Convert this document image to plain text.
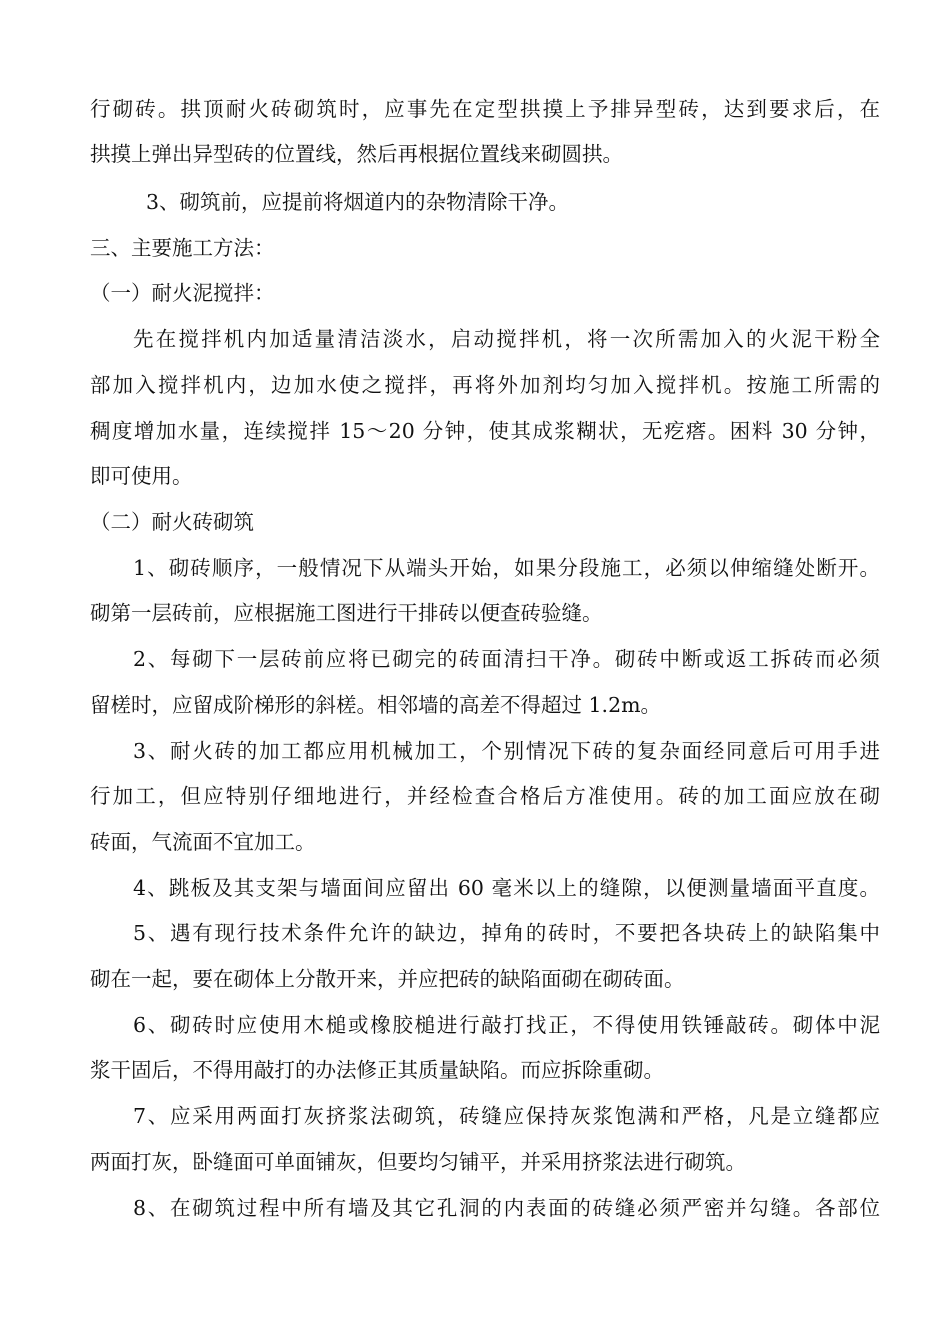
行砌砖。拱顶耐火砖砌筑时，应事先在定型拱摸上予排异型砖，达到要求后，在
拱摸上弹出异型砖的位置线，然后再根据位置线来砌圆拱。
3、砌筑前，应提前将烟道内的杂物清除干净。
三、主要施工方法：
（一）耐火泥搅拌：
先在搅拌机内加适量清洁淡水，启动搅拌机，将一次所需加入的火泥干粉全
部加入搅拌机内，边加水使之搅拌，再将外加剂均匀加入搅拌机。按施工所需的
稠度增加水量，连续搅拌 15～20 分钟，使其成浆糊状，无疙瘩。困料 30 分钟，
即可使用。
（二）耐火砖砌筑
1、砌砖顺序，一般情况下从端头开始，如果分段施工，必须以伸缩缝处断开。
砌第一层砖前，应根据施工图进行干排砖以便查砖验缝。
2、每砌下一层砖前应将已砌完的砖面清扫干净。砌砖中断或返工拆砖而必须
留槎时，应留成阶梯形的斜槎。相邻墙的高差不得超过 1.2m。
3、耐火砖的加工都应用机械加工，个别情况下砖的复杂面经同意后可用手进
行加工，但应特别仔细地进行，并经检查合格后方准使用。砖的加工面应放在砌
砖面，气流面不宜加工。
4、跳板及其支架与墙面间应留出 60 毫米以上的缝隙，以便测量墙面平直度。
5、遇有现行技术条件允许的缺边，掉角的砖时，不要把各块砖上的缺陷集中
砌在一起，要在砌体上分散开来，并应把砖的缺陷面砌在砌砖面。
6、砌砖时应使用木槌或橡胶槌进行敲打找正，不得使用铁锤敲砖。砌体中泥
浆干固后，不得用敲打的办法修正其质量缺陷。而应拆除重砌。
7、应采用两面打灰挤浆法砌筑，砖缝应保持灰浆饱满和严格，凡是立缝都应
两面打灰，卧缝面可单面铺灰，但要均匀铺平，并采用挤浆法进行砌筑。
8、在砌筑过程中所有墙及其它孔洞的内表面的砖缝必须严密并勾缝。各部位
